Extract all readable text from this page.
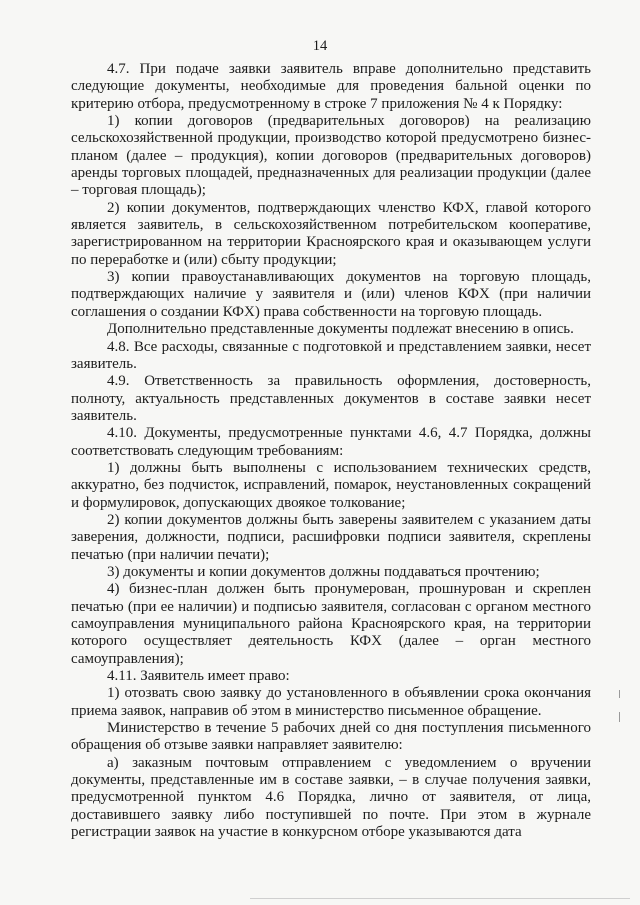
14

4.7. При подаче заявки заявитель вправе дополнительно представить следующие документы, необходимые для проведения бальной оценки по критерию отбора, предусмотренному в строке 7 приложения № 4 к Порядку:

1) копии договоров (предварительных договоров) на реализацию сельскохозяйственной продукции, производство которой предусмотрено бизнес-планом (далее – продукция), копии договоров (предварительных договоров) аренды торговых площадей, предназначенных для реализации продукции (далее – торговая площадь);

2) копии документов, подтверждающих членство КФХ, главой которого является заявитель, в сельскохозяйственном потребительском кооперативе, зарегистрированном на территории Красноярского края и оказывающем услуги по переработке и (или) сбыту продукции;

3) копии правоустанавливающих документов на торговую площадь, подтверждающих наличие у заявителя и (или) членов КФХ (при наличии соглашения о создании КФХ) права собственности на торговую площадь.

Дополнительно представленные документы подлежат внесению в опись.

4.8. Все расходы, связанные с подготовкой и представлением заявки, несет заявитель.

4.9. Ответственность за правильность оформления, достоверность, полноту, актуальность представленных документов в составе заявки несет заявитель.

4.10. Документы, предусмотренные пунктами 4.6, 4.7 Порядка, должны соответствовать следующим требованиям:

1) должны быть выполнены с использованием технических средств, аккуратно, без подчисток, исправлений, помарок, неустановленных сокращений и формулировок, допускающих двоякое толкование;

2) копии документов должны быть заверены заявителем с указанием даты заверения, должности, подписи, расшифровки подписи заявителя, скреплены печатью (при наличии печати);

3) документы и копии документов должны поддаваться прочтению;

4) бизнес-план должен быть пронумерован, прошнурован и скреплен печатью (при ее наличии) и подписью заявителя, согласован с органом местного самоуправления муниципального района Красноярского края, на территории которого осуществляет деятельность КФХ (далее – орган местного самоуправления);

4.11. Заявитель имеет право:

1) отозвать свою заявку до установленного в объявлении срока окончания приема заявок, направив об этом в министерство письменное обращение.

Министерство в течение 5 рабочих дней со дня поступления письменного обращения об отзыве заявки направляет заявителю:

а) заказным почтовым отправлением с уведомлением о вручении документы, представленные им в составе заявки, – в случае получения заявки, предусмотренной пунктом 4.6 Порядка, лично от заявителя, от лица, доставившего заявку либо поступившей по почте. При этом в журнале регистрации заявок на участие в конкурсном отборе указываются дата
